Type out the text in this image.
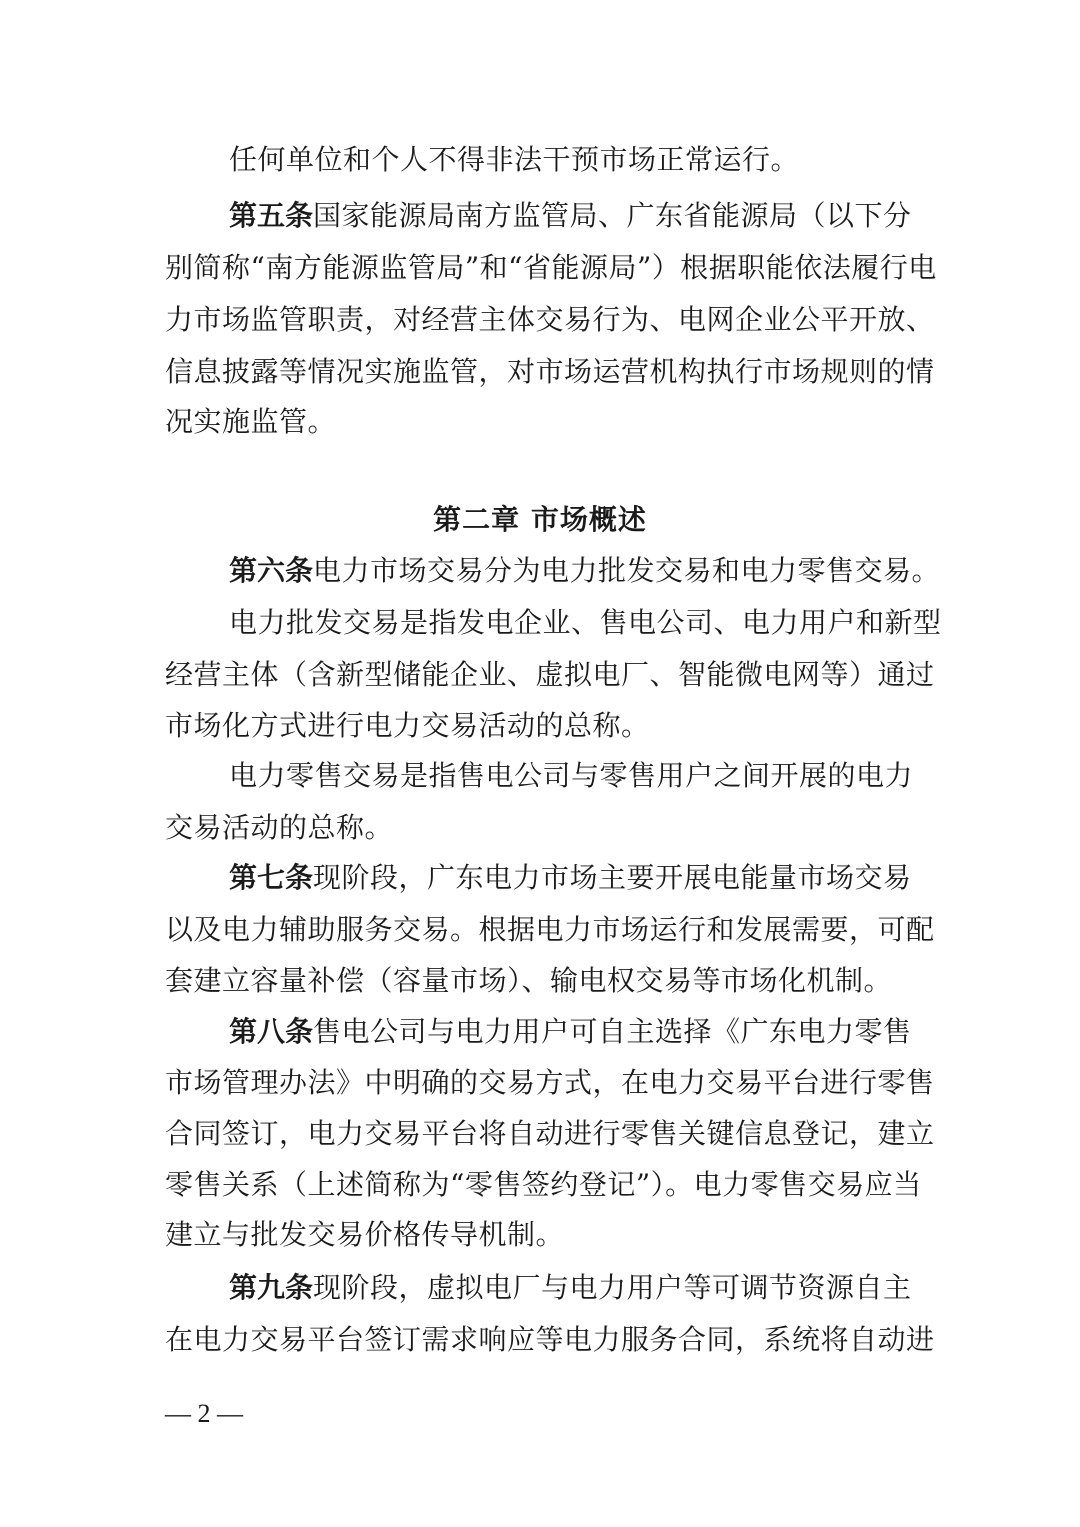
任何单位和个人不得非法干预市场正常运行。
第五条国家能源局南方监管局、广东省能源局（以下分
别简称“南方能源监管局”和“省能源局”）根据职能依法履行电
力市场监管职责，对经营主体交易行为、电网企业公平开放、
信息披露等情况实施监管，对市场运营机构执行市场规则的情
况实施监管。
第二章 市场概述
第六条电力市场交易分为电力批发交易和电力零售交易。
电力批发交易是指发电企业、售电公司、电力用户和新型
经营主体（含新型储能企业、虚拟电厂、智能微电网等）通过
市场化方式进行电力交易活动的总称。
电力零售交易是指售电公司与零售用户之间开展的电力
交易活动的总称。
第七条现阶段，广东电力市场主要开展电能量市场交易
以及电力辅助服务交易。根据电力市场运行和发展需要，可配
套建立容量补偿（容量市场）、输电权交易等市场化机制。
第八条售电公司与电力用户可自主选择《广东电力零售
市场管理办法》中明确的交易方式，在电力交易平台进行零售
合同签订，电力交易平台将自动进行零售关键信息登记，建立
零售关系（上述简称为“零售签约登记”）。电力零售交易应当
建立与批发交易价格传导机制。
第九条现阶段，虚拟电厂与电力用户等可调节资源自主
在电力交易平台签订需求响应等电力服务合同，系统将自动进
— 2 —
